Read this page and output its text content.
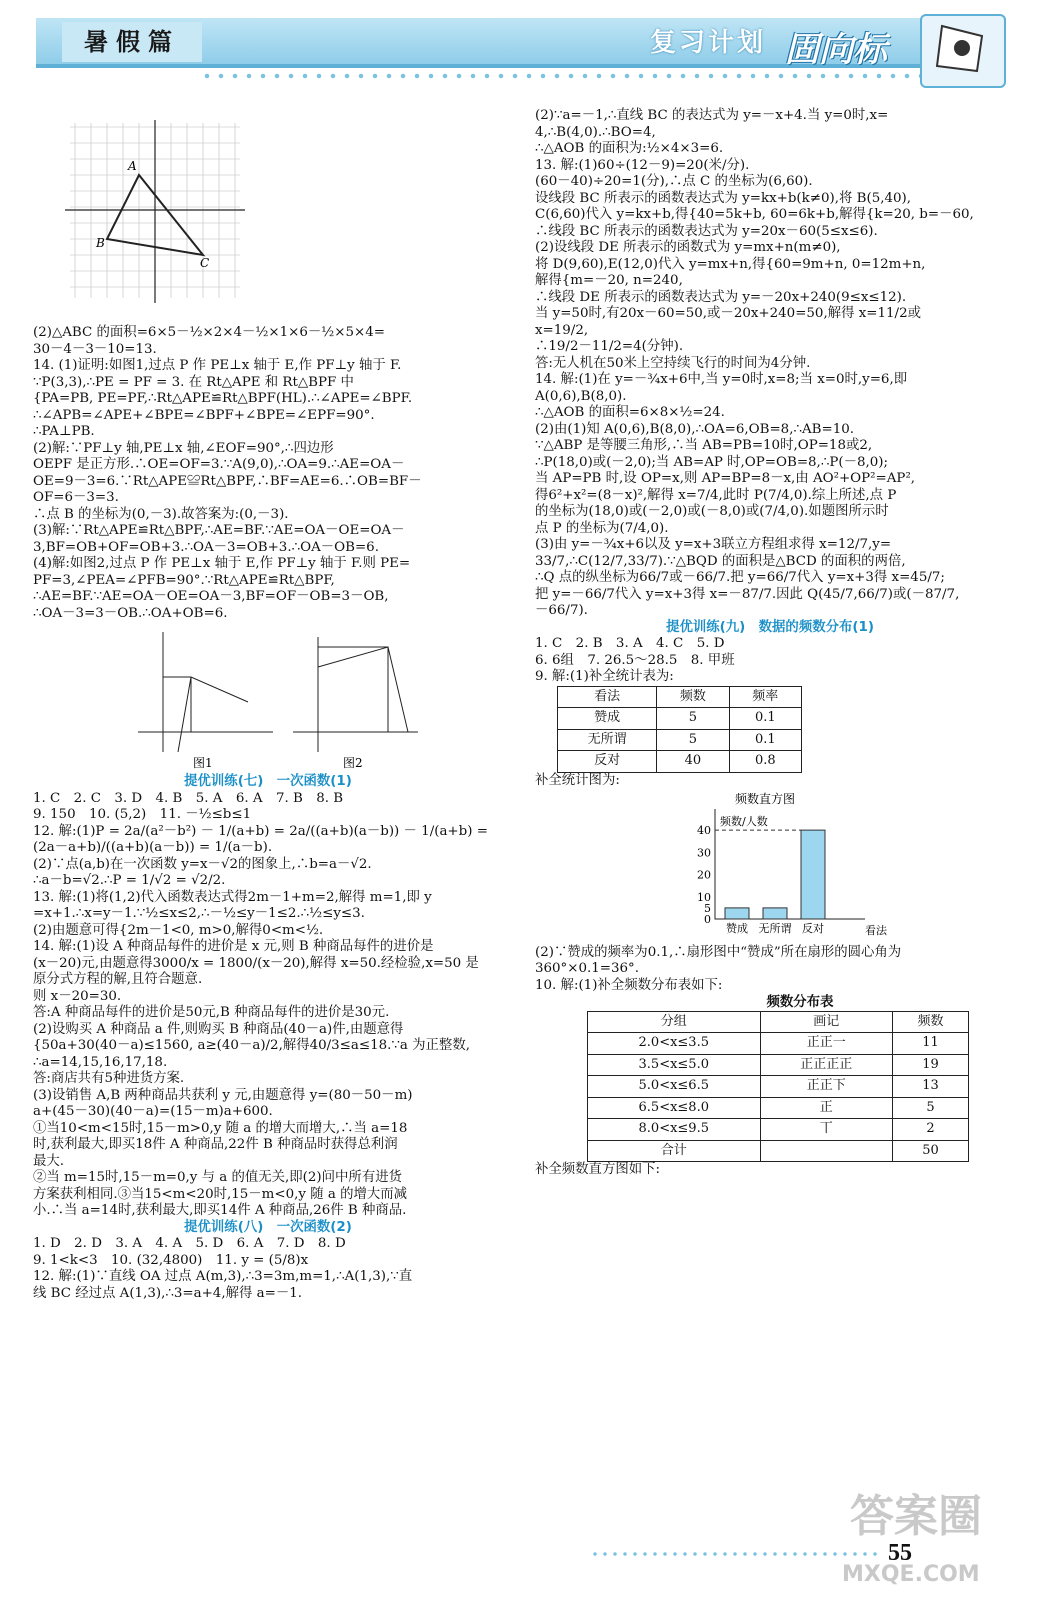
暑假篇	复习计划 固向标
A
B
C

(2)△ABC 的面积=6×5－½×2×4－½×1×6－½×5×4=

30－4－3－10=13.

14. (1)证明:如图1,过点 P 作 PE⊥x 轴于 E,作 PF⊥y 轴于 F.

∵P(3,3),∴PE = PF = 3. 在 Rt△APE 和 Rt△BPF 中

{PA=PB, PE=PF,∴Rt△APE≌Rt△BPF(HL).∴∠APE=∠BPF.

∴∠APB=∠APE+∠BPE=∠BPF+∠BPE=∠EPF=90°.

∴PA⊥PB.

(2)解:∵PF⊥y 轴,PE⊥x 轴,∠EOF=90°,∴四边形

OEPF 是正方形.∴OE=OF=3.∵A(9,0),∴OA=9.∴AE=OA－

OE=9－3=6.∵Rt△APE≌Rt△BPF,∴BF=AE=6.∴OB=BF－

OF=6－3=3.

∴点 B 的坐标为(0,－3).故答案为:(0,－3).

(3)解:∵Rt△APE≌Rt△BPF,∴AE=BF.∵AE=OA－OE=OA－

3,BF=OB+OF=OB+3.∴OA－3=OB+3.∴OA－OB=6.

(4)解:如图2,过点 P 作 PE⊥x 轴于 E,作 PF⊥y 轴于 F.则 PE=

PF=3,∠PEA=∠PFB=90°.∵Rt△APE≌Rt△BPF,

∴AE=BF.∵AE=OA－OE=OA－3,BF=OF－OB=3－OB,

∴OA－3=3－OB.∴OA+OB=6.

图1	图2

提优训练(七)　一次函数(1)

1. C　2. C　3. D　4. B　5. A　6. A　7. B　8. B

9. 150　10. (5,2)　11. －½≤b≤1

12. 解:(1)P = 2a/(a²－b²) － 1/(a+b) = 2a/((a+b)(a－b)) － 1/(a+b) =

(2a－a+b)/((a+b)(a－b)) = 1/(a－b).

(2)∵点(a,b)在一次函数 y=x－√2的图象上,∴b=a－√2.

∴a－b=√2.∴P = 1/√2 = √2/2.

13. 解:(1)将(1,2)代入函数表达式得2m－1+m=2,解得 m=1,即 y

=x+1.∴x=y－1.∵½≤x≤2,∴－½≤y－1≤2.∴½≤y≤3.

(2)由题意可得{2m－1<0, m>0,解得0<m<½.

14. 解:(1)设 A 种商品每件的进价是 x 元,则 B 种商品每件的进价是

(x－20)元,由题意得3000/x = 1800/(x－20),解得 x=50.经检验,x=50 是

原分式方程的解,且符合题意.

则 x－20=30.

答:A 种商品每件的进价是50元,B 种商品每件的进价是30元.

(2)设购买 A 种商品 a 件,则购买 B 种商品(40－a)件,由题意得

{50a+30(40－a)≤1560, a≥(40－a)/2,解得40/3≤a≤18.∵a 为正整数,

∴a=14,15,16,17,18.

答:商店共有5种进货方案.

(3)设销售 A,B 两种商品共获利 y 元,由题意得 y=(80－50－m)

a+(45－30)(40－a)=(15－m)a+600.

①当10<m<15时,15－m>0,y 随 a 的增大而增大,∴当 a=18

时,获利最大,即买18件 A 种商品,22件 B 种商品时获得总利润

最大.

②当 m=15时,15－m=0,y 与 a 的值无关,即(2)问中所有进货

方案获利相同.③当15<m<20时,15－m<0,y 随 a 的增大而减

小.∴当 a=14时,获利最大,即买14件 A 种商品,26件 B 种商品.

提优训练(八)　一次函数(2)

1. D　2. D　3. A　4. A　5. D　6. A　7. D　8. D

9. 1<k<3　10. (32,4800)　11. y = (5/8)x

12. 解:(1)∵直线 OA 过点 A(m,3),∴3=3m,m=1,∴A(1,3),∵直

线 BC 经过点 A(1,3),∴3=a+4,解得 a=－1.

(2)∵a=－1,∴直线 BC 的表达式为 y=－x+4.当 y=0时,x=

4,∴B(4,0).∴BO=4,

∴△AOB 的面积为:½×4×3=6.

13. 解:(1)60÷(12－9)=20(米/分).

(60－40)÷20=1(分),∴点 C 的坐标为(6,60).

设线段 BC 所表示的函数表达式为 y=kx+b(k≠0),将 B(5,40),

C(6,60)代入 y=kx+b,得{40=5k+b, 60=6k+b,解得{k=20, b=－60,

∴线段 BC 所表示的函数表达式为 y=20x－60(5≤x≤6).

(2)设线段 DE 所表示的函数式为 y=mx+n(m≠0),

将 D(9,60),E(12,0)代入 y=mx+n,得{60=9m+n, 0=12m+n,

解得{m=－20, n=240,

∴线段 DE 所表示的函数表达式为 y=－20x+240(9≤x≤12).

当 y=50时,有20x－60=50,或－20x+240=50,解得 x=11/2或

x=19/2,

∴19/2－11/2=4(分钟).

答:无人机在50米上空持续飞行的时间为4分钟.

14. 解:(1)在 y=－¾x+6中,当 y=0时,x=8;当 x=0时,y=6,即

A(0,6),B(8,0).

∴△AOB 的面积=6×8×½=24.

(2)由(1)知 A(0,6),B(8,0),∴OA=6,OB=8,∴AB=10.

∵△ABP 是等腰三角形,∴当 AB=PB=10时,OP=18或2,

∴P(18,0)或(－2,0);当 AB=AP 时,OP=OB=8,∴P(－8,0);

当 AP=PB 时,设 OP=x,则 AP=BP=8－x,由 AO²+OP²=AP²,

得6²+x²=(8－x)²,解得 x=7/4,此时 P(7/4,0).综上所述,点 P

的坐标为(18,0)或(－2,0)或(－8,0)或(7/4,0).如题图所示时

点 P 的坐标为(7/4,0).

(3)由 y=－¾x+6以及 y=x+3联立方程组求得 x=12/7,y=

33/7,∴C(12/7,33/7).∵△BQD 的面积是△BCD 的面积的两倍,

∴Q 点的纵坐标为66/7或－66/7.把 y=66/7代入 y=x+3得 x=45/7;

把 y=－66/7代入 y=x+3得 x=－87/7.因此 Q(45/7,66/7)或(－87/7,

－66/7).

提优训练(九)　数据的频数分布(1)

1. C　2. B　3. A　4. C　5. D

6. 6组　7. 26.5～28.5　8. 甲班

9. 解:(1)补全统计表为:

看法	频数	频率
赞成	5	0.1
无所谓	5	0.1
反对	40	0.8

补全统计图为:

频数直方图
频数/人数
看法
0
5
10
20
30
40
赞成 无所谓 反对

(2)∵赞成的频率为0.1,∴扇形图中“赞成”所在扇形的圆心角为

360°×0.1=36°.

10. 解:(1)补全频数分布表如下:

频数分布表

分组	画记	频数
2.0<x≤3.5	正正一	11
3.5<x≤5.0	正正正正	19
5.0<x≤6.5	正正下	13
6.5<x≤8.0	正	5
8.0<x≤9.5	丅	2
合计		50

补全频数直方图如下:

答案圈
MXQE.COM
55
